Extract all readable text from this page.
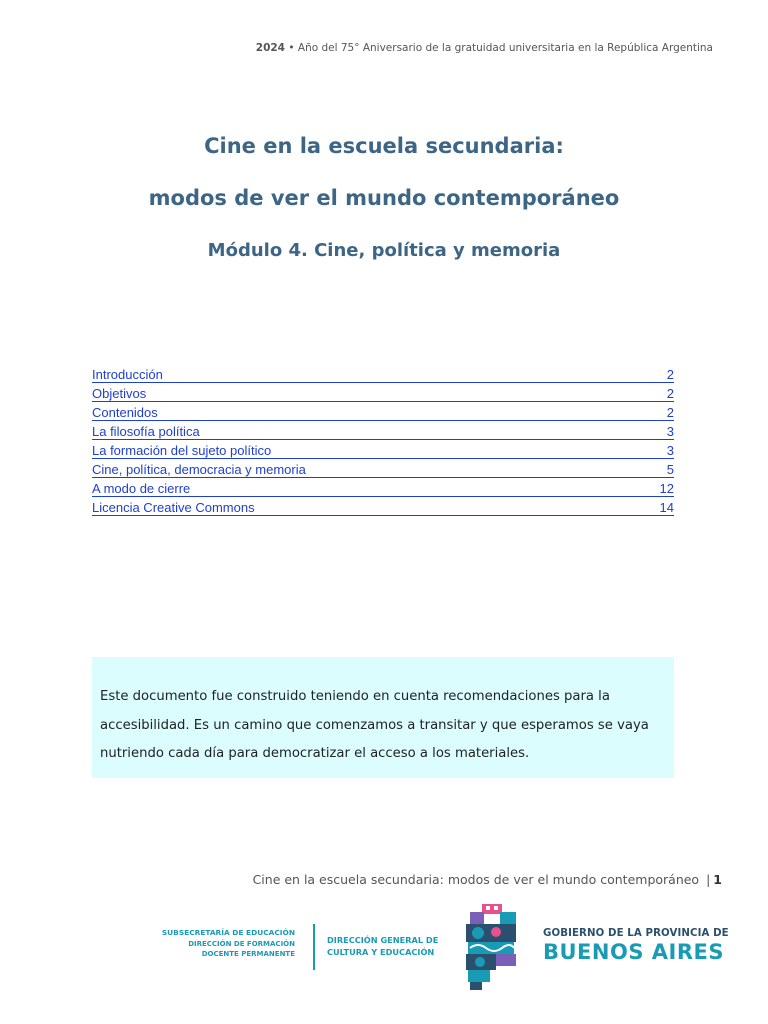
2024 • Año del 75° Aniversario de la gratuidad universitaria en la República Argentina
Cine en la escuela secundaria:
modos de ver el mundo contemporáneo
Módulo 4. Cine, política y memoria
Introducción	2
Objetivos	2
Contenidos	2
La filosofía política	3
La formación del sujeto político	3
Cine, política, democracia y memoria	5
A modo de cierre	12
Licencia Creative Commons	14
Este documento fue construido teniendo en cuenta recomendaciones para la accesibilidad. Es un camino que comenzamos a transitar y que esperamos se vaya nutriendo cada día para democratizar el acceso a los materiales.
Cine en la escuela secundaria: modos de ver el mundo contemporáneo | 1
SUBSECRETARÍA DE EDUCACIÓN
DIRECCIÓN DE FORMACIÓN
DOCENTE PERMANENTE
DIRECCIÓN GENERAL DE
CULTURA Y EDUCACIÓN
GOBIERNO DE LA PROVINCIA DE
BUENOS AIRES
